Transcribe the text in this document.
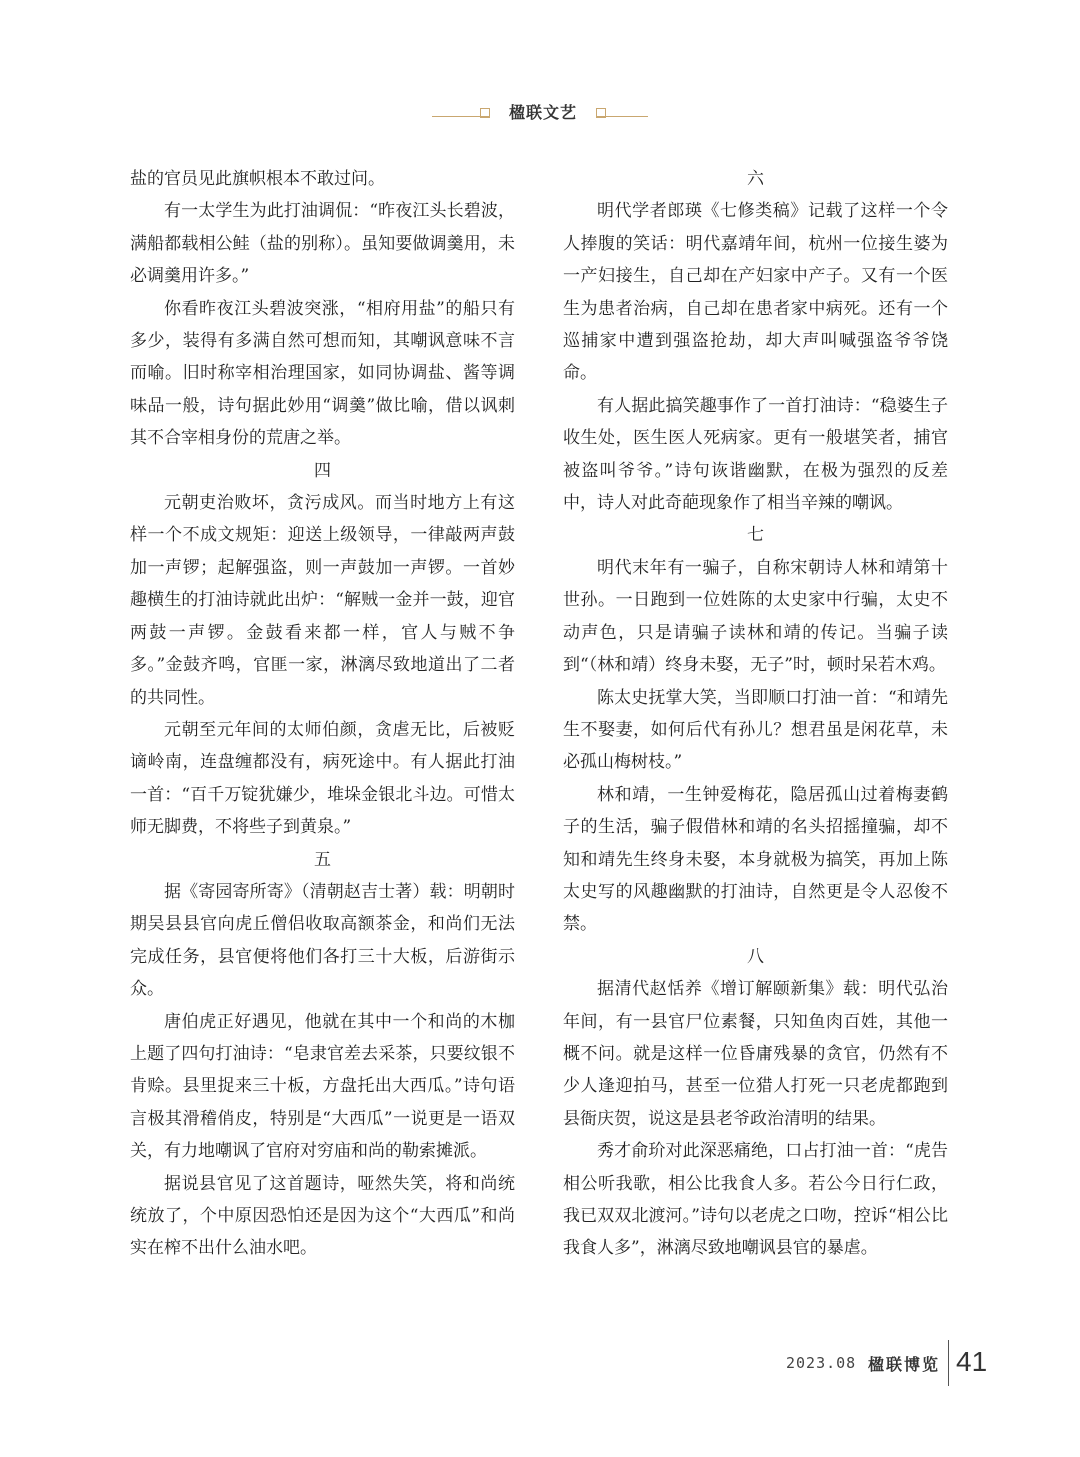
楹联文艺

盐的官员见此旗帜根本不敢过问。

有一太学生为此打油调侃：“昨夜江头长碧波，满船都载相公鲑（盐的别称）。虽知要做调羹用，未必调羹用许多。”

你看昨夜江头碧波突涨，“相府用盐”的船只有多少，装得有多满自然可想而知，其嘲讽意味不言而喻。旧时称宰相治理国家，如同协调盐、酱等调味品一般，诗句据此妙用“调羹”做比喻，借以讽刺其不合宰相身份的荒唐之举。

四

元朝吏治败坏，贪污成风。而当时地方上有这样一个不成文规矩：迎送上级领导，一律敲两声鼓加一声锣；起解强盗，则一声鼓加一声锣。一首妙趣横生的打油诗就此出炉：“解贼一金并一鼓，迎官两鼓一声锣。金鼓看来都一样，官人与贼不争多。”金鼓齐鸣，官匪一家，淋漓尽致地道出了二者的共同性。

元朝至元年间的太师伯颜，贪虐无比，后被贬谪岭南，连盘缠都没有，病死途中。有人据此打油一首：“百千万锭犹嫌少，堆垛金银北斗边。可惜太师无脚费，不将些子到黄泉。”

五

据《寄园寄所寄》（清朝赵吉士著）载：明朝时期吴县县官向虎丘僧侣收取高额茶金，和尚们无法完成任务，县官便将他们各打三十大板，后游街示众。

唐伯虎正好遇见，他就在其中一个和尚的木枷上题了四句打油诗：“皂隶官差去采茶，只要纹银不肯赊。县里捉来三十板，方盘托出大西瓜。”诗句语言极其滑稽俏皮，特别是“大西瓜”一说更是一语双关，有力地嘲讽了官府对穷庙和尚的勒索摊派。

据说县官见了这首题诗，哑然失笑，将和尚统统放了，个中原因恐怕还是因为这个“大西瓜”和尚实在榨不出什么油水吧。

六

明代学者郎瑛《七修类稿》记载了这样一个令人捧腹的笑话：明代嘉靖年间，杭州一位接生婆为一产妇接生，自己却在产妇家中产子。又有一个医生为患者治病，自己却在患者家中病死。还有一个巡捕家中遭到强盗抢劫，却大声叫喊强盗爷爷饶命。

有人据此搞笑趣事作了一首打油诗：“稳婆生子收生处，医生医人死病家。更有一般堪笑者，捕官被盗叫爷爷。”诗句诙谐幽默，在极为强烈的反差中，诗人对此奇葩现象作了相当辛辣的嘲讽。

七

明代末年有一骗子，自称宋朝诗人林和靖第十世孙。一日跑到一位姓陈的太史家中行骗，太史不动声色，只是请骗子读林和靖的传记。当骗子读到“（林和靖）终身未娶，无子”时，顿时呆若木鸡。

陈太史抚掌大笑，当即顺口打油一首：“和靖先生不娶妻，如何后代有孙儿？想君虽是闲花草，未必孤山梅树枝。”

林和靖，一生钟爱梅花，隐居孤山过着梅妻鹤子的生活，骗子假借林和靖的名头招摇撞骗，却不知和靖先生终身未娶，本身就极为搞笑，再加上陈太史写的风趣幽默的打油诗，自然更是令人忍俊不禁。

八

据清代赵恬养《增订解颐新集》载：明代弘治年间，有一县官尸位素餐，只知鱼肉百姓，其他一概不问。就是这样一位昏庸残暴的贪官，仍然有不少人逢迎拍马，甚至一位猎人打死一只老虎都跑到县衙庆贺，说这是县老爷政治清明的结果。

秀才俞玠对此深恶痛绝，口占打油一首：“虎告相公听我歌，相公比我食人多。若公今日行仁政，我已双双北渡河。”诗句以老虎之口吻，控诉“相公比我食人多”，淋漓尽致地嘲讽县官的暴虐。

2023.08 楹联博览 41
